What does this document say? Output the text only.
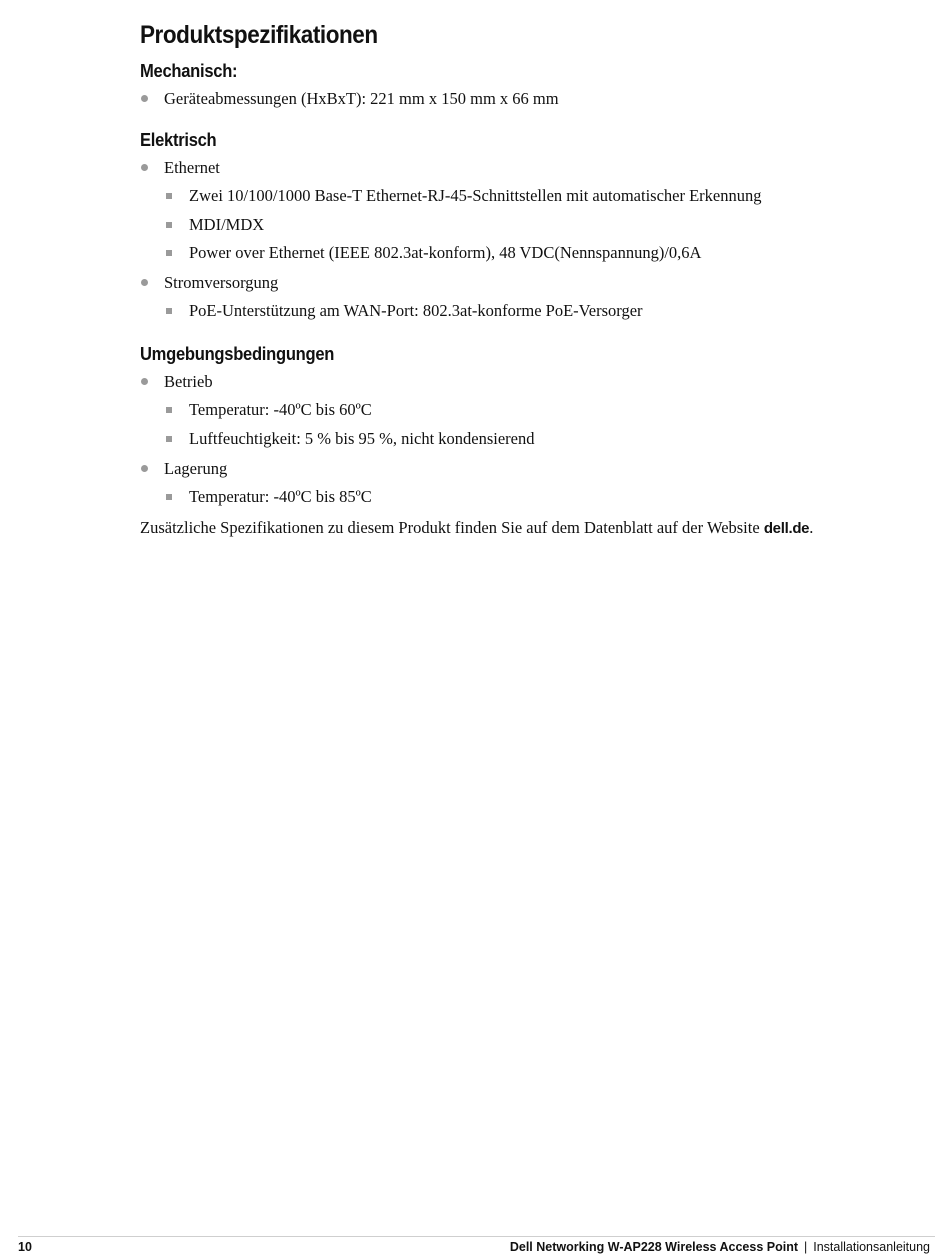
Produktspezifikationen
Mechanisch:
Geräteabmessungen (HxBxT): 221 mm x 150 mm x 66 mm
Elektrisch
Ethernet
Zwei 10/100/1000 Base-T Ethernet-RJ-45-Schnittstellen mit automatischer Erkennung
MDI/MDX
Power over Ethernet (IEEE 802.3at-konform), 48 VDC(Nennspannung)/0,6A
Stromversorgung
PoE-Unterstützung am WAN-Port: 802.3at-konforme PoE-Versorger
Umgebungsbedingungen
Betrieb
Temperatur: -40ºC bis 60ºC
Luftfeuchtigkeit: 5 % bis 95 %, nicht kondensierend
Lagerung
Temperatur: -40ºC bis 85ºC

Zusätzliche Spezifikationen zu diesem Produkt finden Sie auf dem Datenblatt auf der Website dell.de.

10	Dell Networking W-AP228 Wireless Access Point | Installationsanleitung
